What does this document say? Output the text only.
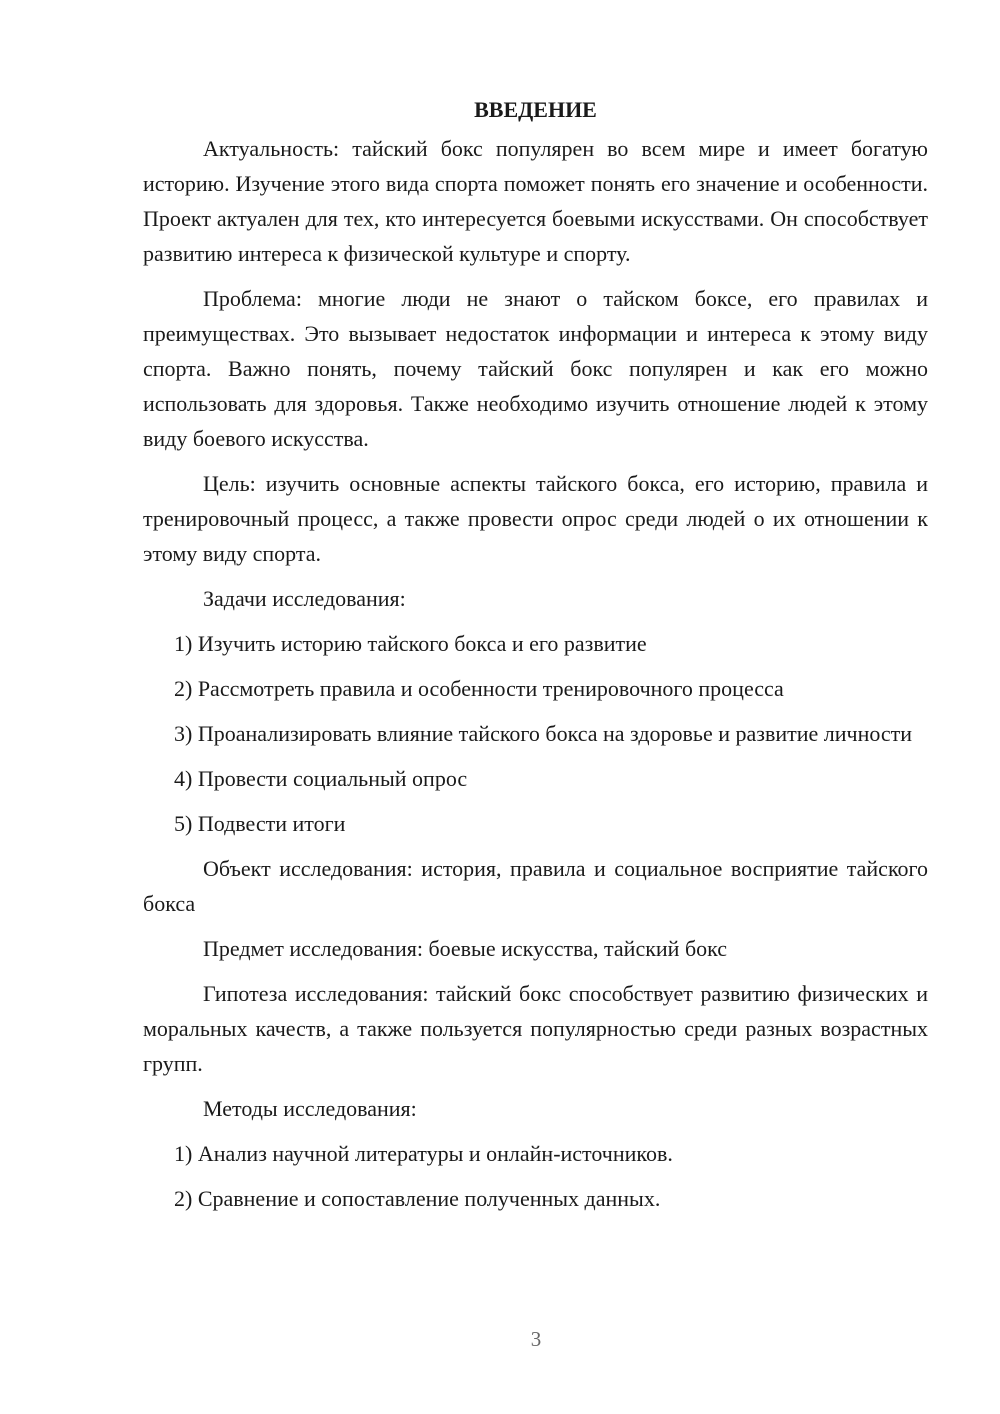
ВВЕДЕНИЕ

Актуальность: тайский бокс популярен во всем мире и имеет богатую историю. Изучение этого вида спорта поможет понять его значение и особенности. Проект актуален для тех, кто интересуется боевыми искусствами. Он способствует развитию интереса к физической культуре и спорту.

Проблема: многие люди не знают о тайском боксе, его правилах и преимуществах. Это вызывает недостаток информации и интереса к этому виду спорта. Важно понять, почему тайский бокс популярен и как его можно использовать для здоровья. Также необходимо изучить отношение людей к этому виду боевого искусства.

Цель: изучить основные аспекты тайского бокса, его историю, правила и тренировочный процесс, а также провести опрос среди людей о их отношении к этому виду спорта.

Задачи исследования:

1) Изучить историю тайского бокса и его развитие

2) Рассмотреть правила и особенности тренировочного процесса

3) Проанализировать влияние тайского бокса на здоровье и развитие личности

4) Провести социальный опрос

5) Подвести итоги

Объект исследования: история, правила и социальное восприятие тайского бокса

Предмет исследования: боевые искусства, тайский бокс

Гипотеза исследования: тайский бокс способствует развитию физических и моральных качеств, а также пользуется популярностью среди разных возрастных групп.

Методы исследования:

1) Анализ научной литературы и онлайн-источников.

2) Сравнение и сопоставление полученных данных.

3
